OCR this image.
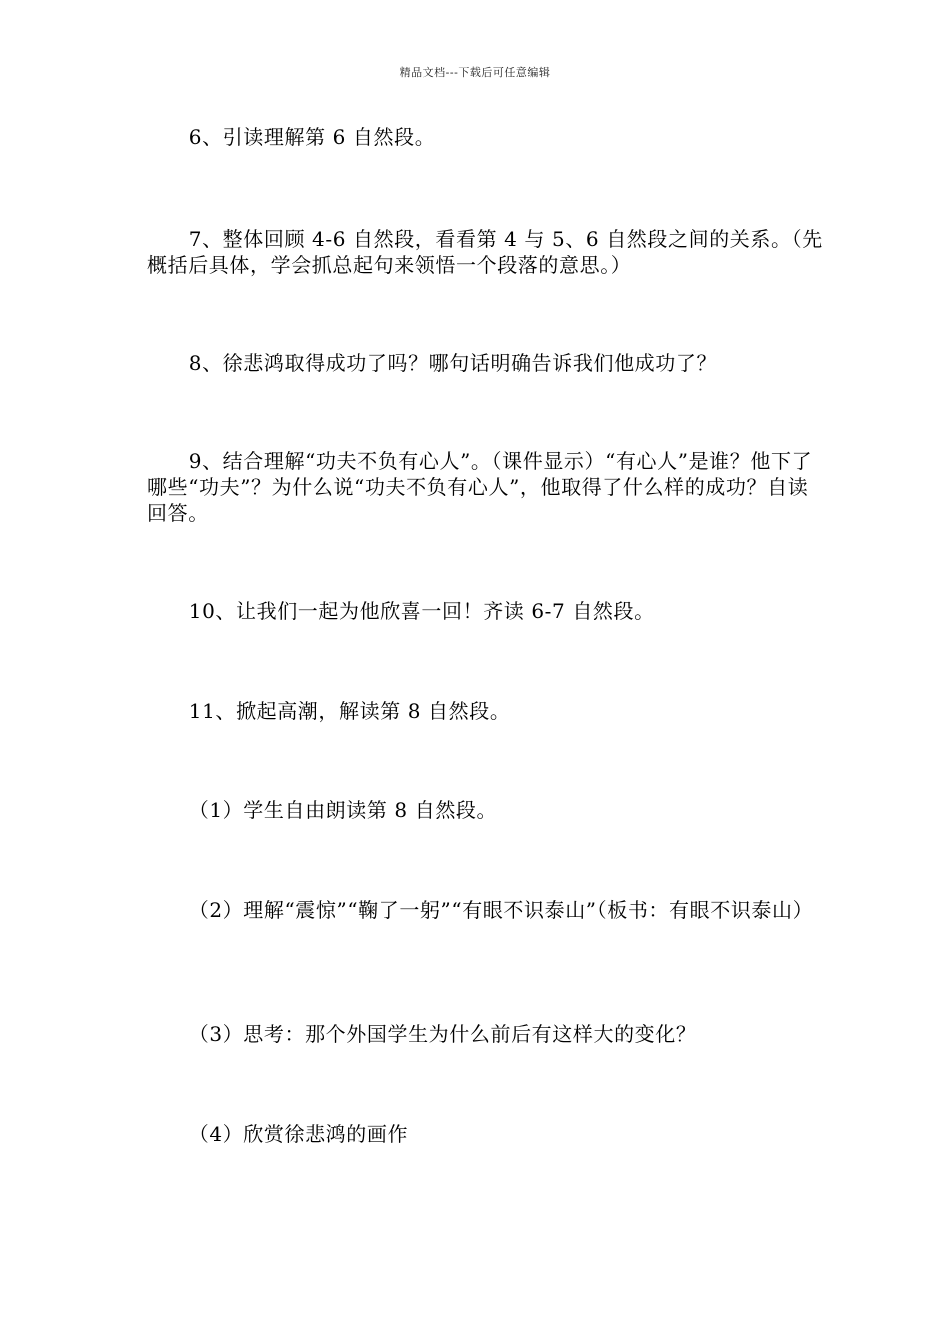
精品文档---下载后可任意编辑

6、引读理解第 6 自然段。

7、整体回顾 4-6 自然段，看看第 4 与 5、6 自然段之间的关系。（先概括后具体，学会抓总起句来领悟一个段落的意思。）

8、徐悲鸿取得成功了吗？哪句话明确告诉我们他成功了？

9、结合理解“功夫不负有心人”。（课件显示）“有心人”是谁？他下了哪些“功夫”？为什么说“功夫不负有心人”，他取得了什么样的成功？自读回答。

10、让我们一起为他欣喜一回！齐读 6-7 自然段。

11、掀起高潮，解读第 8 自然段。

（1）学生自由朗读第 8 自然段。

（2）理解“震惊”“鞠了一躬”“有眼不识泰山”（板书：有眼不识泰山）

（3）思考：那个外国学生为什么前后有这样大的变化？

（4）欣赏徐悲鸿的画作
